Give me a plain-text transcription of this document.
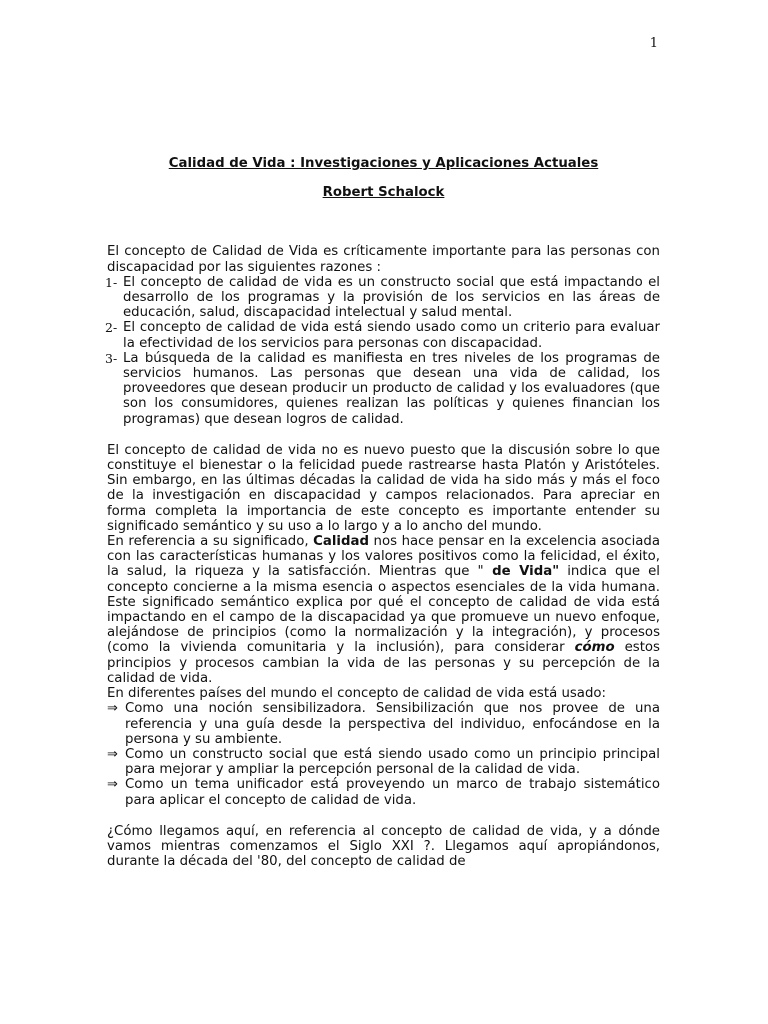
1

Calidad de Vida : Investigaciones y Aplicaciones Actuales

Robert Schalock

El concepto de Calidad de Vida es críticamente importante para las personas con discapacidad por las siguientes razones :

1- El concepto de calidad de vida es un constructo social que está impactando el desarrollo de los programas y la provisión de los servicios en las áreas de educación, salud, discapacidad intelectual y salud mental.
2- El concepto de calidad de vida está siendo usado como un criterio para evaluar la efectividad de los servicios para personas con discapacidad.
3- La búsqueda de la calidad es manifiesta en tres niveles de los programas de servicios humanos. Las personas que desean una vida de calidad, los proveedores que desean producir un producto de calidad y los evaluadores (que son los consumidores, quienes realizan las políticas y quienes financian los programas) que desean logros de calidad.

El concepto de calidad de vida no es nuevo puesto que la discusión sobre lo que constituye el bienestar o la felicidad puede rastrearse hasta Platón y Aristóteles. Sin embargo, en las últimas décadas la calidad de vida ha sido más y más el foco de la investigación en discapacidad y campos relacionados. Para apreciar en forma completa la importancia de este concepto es importante entender su significado semántico y su uso a lo largo y a lo ancho del mundo.

En referencia a su significado, Calidad nos hace pensar en la excelencia asociada con las características humanas y los valores positivos como la felicidad, el éxito, la salud, la riqueza y la satisfacción. Mientras que " de Vida" indica que el concepto concierne a la misma esencia o aspectos esenciales de la vida humana. Este significado semántico explica por qué el concepto de calidad de vida está impactando en el campo de la discapacidad ya que promueve un nuevo enfoque, alejándose de principios (como la normalización y la integración), y procesos (como la vivienda comunitaria y la inclusión), para considerar cómo estos principios y procesos cambian la vida de las personas y su percepción de la calidad de vida.

En diferentes países del mundo el concepto de calidad de vida está usado:

⇒ Como una noción sensibilizadora. Sensibilización que nos provee de una referencia y una guía desde la perspectiva del individuo, enfocándose en la persona y su ambiente.
⇒ Como un constructo social que está siendo usado como un principio principal para mejorar y ampliar la percepción personal de la calidad de vida.
⇒ Como un tema unificador está proveyendo un marco de trabajo sistemático para aplicar el concepto de calidad de vida.

¿Cómo llegamos aquí, en referencia al concepto de calidad de vida, y a dónde vamos mientras comenzamos el Siglo XXI ?. Llegamos aquí apropiándonos, durante la década del '80, del concepto de calidad de
